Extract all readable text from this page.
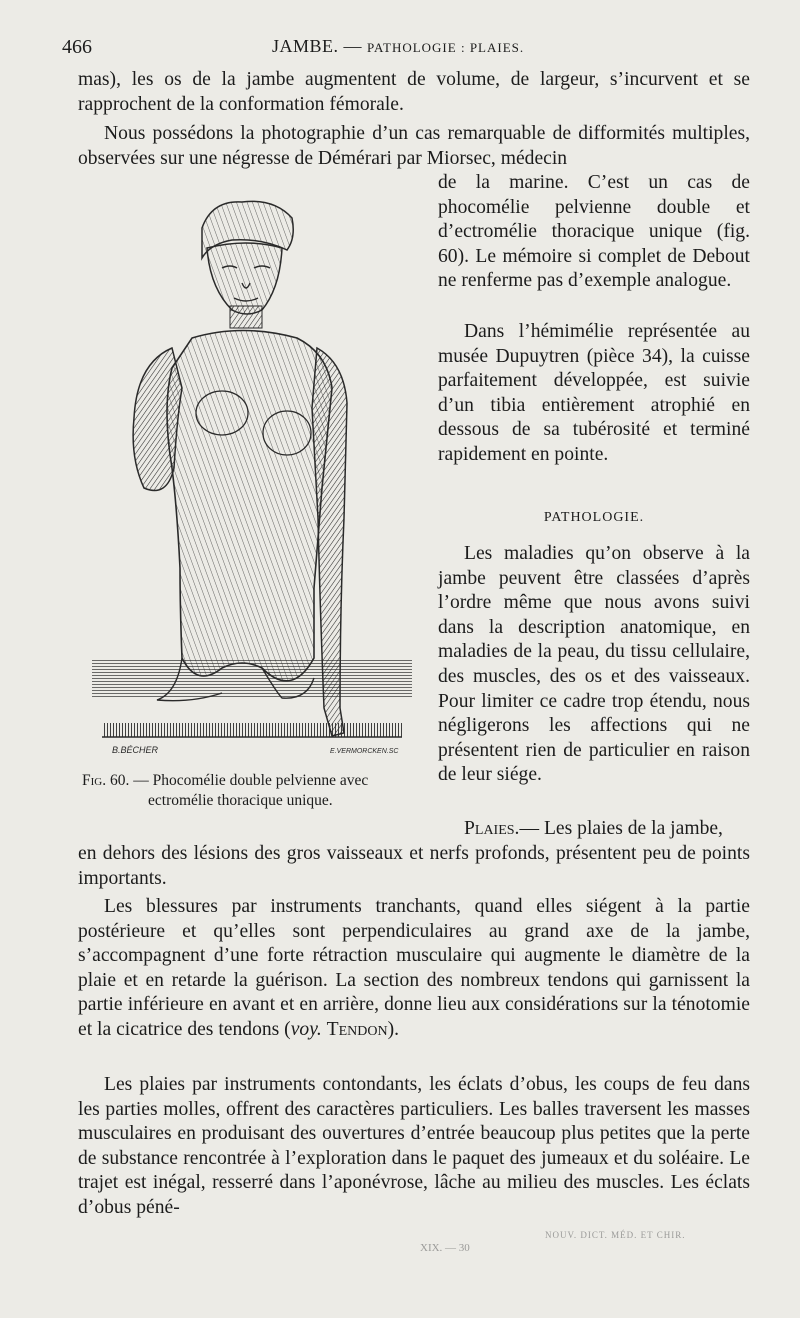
466	JAMBE. — PATHOLOGIE : PLAIES.

mas), les os de la jambe augmentent de volume, de largeur, s’incurvent et se rapprochent de la conformation fémorale.

Nous possédons la photographie d’un cas remarquable de difformités multiples, observées sur une négresse de Démérari par Miorsec, médecin

de la marine. C’est un cas de phocomélie pelvienne double et d’ectromélie thoracique unique (fig. 60). Le mémoire si complet de Debout ne renferme pas d’exemple analogue.

Dans l’hémimélie représentée au musée Dupuytren (pièce 34), la cuisse parfaitement développée, est suivie d’un tibia entièrement atrophié en dessous de sa tubérosité et terminé rapidement en pointe.

PATHOLOGIE.

Les maladies qu’on observe à la jambe peuvent être classées d’après l’ordre même que nous avons suivi dans la description anatomique, en maladies de la peau, du tissu cellulaire, des muscles, des os et des vaisseaux. Pour limiter ce cadre trop étendu, nous négligerons les affections qui ne présentent rien de particulier en raison de leur siége.

Plaies.— Les plaies de la jambe,

en dehors des lésions des gros vaisseaux et nerfs profonds, présentent peu de points importants.

Les blessures par instruments tranchants, quand elles siégent à la partie postérieure et qu’elles sont perpendiculaires au grand axe de la jambe, s’accompagnent d’une forte rétraction musculaire qui augmente le diamètre de la plaie et en retarde la guérison. La section des nombreux tendons qui garnissent la partie inférieure en avant et en arrière, donne lieu aux considérations sur la ténotomie et la cicatrice des tendons (voy. Tendon).

Les plaies par instruments contondants, les éclats d’obus, les coups de feu dans les parties molles, offrent des caractères particuliers. Les balles traversent les masses musculaires en produisant des ouvertures d’entrée beaucoup plus petites que la perte de substance rencontrée à l’exploration dans le paquet des jumeaux et du soléaire. Le trajet est inégal, resserré dans l’aponévrose, lâche au milieu des muscles. Les éclats d’obus péné-

B.BÉCHER	E.VERMORCKEN.SC
Fig. 60. — Phocomélie double pelvienne avec
ectromélie thoracique unique.
NOUV. DICT. MÉD. ET CHIR.
XIX. — 30
